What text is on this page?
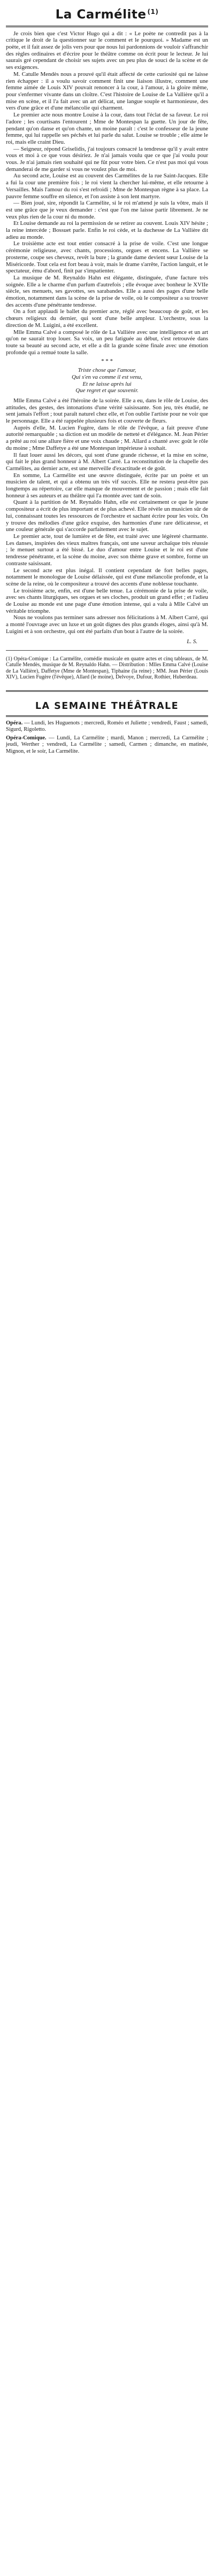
La Carmélite $^{(1)}$

Je crois bien que c'est Victor Hugo qui a dit : « Le poète ne contredit pas à la critique le droit de la questionner sur le comment et le pourquoi. » Madame est un poète, et il fait assez de jolis vers pour que nous lui pardonnions de vouloir s'affranchir des règles ordinaires et d'écrire pour le théâtre comme on écrit pour le lecteur. Je lui saurais gré cependant de choisir ses sujets avec un peu plus de souci de la scène et de ses exigences.

M. Catulle Mendès nous a prouvé qu'il était affecté de cette curiosité qui ne laisse rien échapper : il a voulu savoir comment finit une liaison illustre, comment une femme aimée de Louis XIV pouvait renoncer à la cour, à l'amour, à la gloire même, pour s'enfermer vivante dans un cloître. C'est l'histoire de Louise de La Vallière qu'il a mise en scène, et il l'a fait avec un art délicat, une langue souple et harmonieuse, des vers d'une grâce et d'une mélancolie qui charment.

Le premier acte nous montre Louise à la cour, dans tout l'éclat de sa faveur. Le roi l'adore ; les courtisans l'entourent ; Mme de Montespan la guette. Un jour de fête, pendant qu'on danse et qu'on chante, un moine paraît : c'est le confesseur de la jeune femme, qui lui rappelle ses péchés et lui parle du salut. Louise se trouble ; elle aime le roi, mais elle craint Dieu.

— Seigneur, répond Griselidis, j'ai toujours consacré la tendresse qu'il y avait entre vous et moi à ce que vous désiriez. Je n'ai jamais voulu que ce que j'ai voulu pour vous. Je n'ai jamais rien souhaité qui ne fût pour votre bien. Ce n'est pas moi qui vous demanderai de me garder si vous ne voulez plus de moi.

Au second acte, Louise est au couvent des Carmélites de la rue Saint-Jacques. Elle a fui la cour une première fois ; le roi vient la chercher lui-même, et elle retourne à Versailles. Mais l'amour du roi s'est refroidi ; Mme de Montespan règne à sa place. La pauvre femme souffre en silence, et l'on assiste à son lent martyre.

— Bien joué, sire, répondit la Carmélite, si le roi m'attend je suis la vôtre, mais il est une grâce que je veux demander : c'est que l'on me laisse partir librement. Je ne veux plus rien de la cour ni du monde.

Et Louise demande au roi la permission de se retirer au couvent. Louis XIV hésite ; la reine intercède ; Bossuet parle. Enfin le roi cède, et la duchesse de La Vallière dit adieu au monde.

Le troisième acte est tout entier consacré à la prise de voile. C'est une longue cérémonie religieuse, avec chants, processions, orgues et encens. La Vallière se prosterne, coupe ses cheveux, revêt la bure ; la grande dame devient sœur Louise de la Miséricorde. Tout cela est fort beau à voir, mais le drame s'arrête, l'action languit, et le spectateur, ému d'abord, finit par s'impatienter.

La musique de M. Reynaldo Hahn est élégante, distinguée, d'une facture très soignée. Elle a le charme d'un parfum d'autrefois ; elle évoque avec bonheur le XVIIe siècle, ses menuets, ses gavottes, ses sarabandes. Elle a aussi des pages d'une belle émotion, notamment dans la scène de la prise de voile, où le compositeur a su trouver des accents d'une pénétrante tendresse.

On a fort applaudi le ballet du premier acte, réglé avec beaucoup de goût, et les chœurs religieux du dernier, qui sont d'une belle ampleur. L'orchestre, sous la direction de M. Luigini, a été excellent.

Mlle Emma Calvé a composé le rôle de La Vallière avec une intelligence et un art qu'on ne saurait trop louer. Sa voix, un peu fatiguée au début, s'est retrouvée dans toute sa beauté au second acte, et elle a dit la grande scène finale avec une émotion profonde qui a remué toute la salle.

* * *

Triste chose que l'amour,

Qui s'en va comme il est venu,

Et ne laisse après lui

Que regret et que souvenir.

Mlle Emma Calvé a été l'héroïne de la soirée. Elle a eu, dans le rôle de Louise, des attitudes, des gestes, des intonations d'une vérité saisissante. Son jeu, très étudié, ne sent jamais l'effort ; tout paraît naturel chez elle, et l'on oublie l'artiste pour ne voir que le personnage. Elle a été rappelée plusieurs fois et couverte de fleurs.

Auprès d'elle, M. Lucien Fugère, dans le rôle de l'évêque, a fait preuve d'une autorité remarquable ; sa diction est un modèle de netteté et d'élégance. M. Jean Périer a prêté au roi une allure fière et une voix chaude ; M. Allard a chanté avec goût le rôle du moine ; Mme Daffetye a été une Montespan impérieuse à souhait.

Il faut louer aussi les décors, qui sont d'une grande richesse, et la mise en scène, qui fait le plus grand honneur à M. Albert Carré. La reconstitution de la chapelle des Carmélites, au dernier acte, est une merveille d'exactitude et de goût.

En somme, La Carmélite est une œuvre distinguée, écrite par un poète et un musicien de talent, et qui a obtenu un très vif succès. Elle ne restera peut-être pas longtemps au répertoire, car elle manque de mouvement et de passion ; mais elle fait honneur à ses auteurs et au théâtre qui l'a montée avec tant de soin.

Quant à la partition de M. Reynaldo Hahn, elle est certainement ce que le jeune compositeur a écrit de plus important et de plus achevé. Elle révèle un musicien sûr de lui, connaissant toutes les ressources de l'orchestre et sachant écrire pour les voix. On y trouve des mélodies d'une grâce exquise, des harmonies d'une rare délicatesse, et une couleur générale qui s'accorde parfaitement avec le sujet.

Le premier acte, tout de lumière et de fête, est traité avec une légèreté charmante. Les danses, inspirées des vieux maîtres français, ont une saveur archaïque très réussie ; le menuet surtout a été bissé. Le duo d'amour entre Louise et le roi est d'une tendresse pénétrante, et la scène du moine, avec son thème grave et sombre, forme un contraste saisissant.

Le second acte est plus inégal. Il contient cependant de fort belles pages, notamment le monologue de Louise délaissée, qui est d'une mélancolie profonde, et la scène de la reine, où le compositeur a trouvé des accents d'une noblesse touchante.

Le troisième acte, enfin, est d'une belle tenue. La cérémonie de la prise de voile, avec ses chants liturgiques, ses orgues et ses cloches, produit un grand effet ; et l'adieu de Louise au monde est une page d'une émotion intense, qui a valu à Mlle Calvé un véritable triomphe.

Nous ne voulons pas terminer sans adresser nos félicitations à M. Albert Carré, qui a monté l'ouvrage avec un luxe et un goût dignes des plus grands éloges, ainsi qu'à M. Luigini et à son orchestre, qui ont été parfaits d'un bout à l'autre de la soirée.

L. S.
(1) Opéra-Comique : La Carmélite, comédie musicale en quatre actes et cinq tableaux, de M. Catulle Mendès, musique de M. Reynaldo Hahn. — Distribution : Mlles Emma Calvé (Louise de La Vallière), Daffetye (Mme de Montespan), Tiphaine (la reine) ; MM. Jean Périer (Louis XIV), Lucien Fugère (l'évêque), Allard (le moine), Delvoye, Dufour, Rothier, Huberdeau.
LA SEMAINE THÉÂTRALE

Opéra. — Lundi, les Huguenots ; mercredi, Roméo et Juliette ; vendredi, Faust ; samedi, Sigurd, Rigoletto.

Opéra-Comique. — Lundi, La Carmélite ; mardi, Manon ; mercredi, La Carmélite ; jeudi, Werther ; vendredi, La Carmélite ; samedi, Carmen ; dimanche, en matinée, Mignon, et le soir, La Carmélite.
